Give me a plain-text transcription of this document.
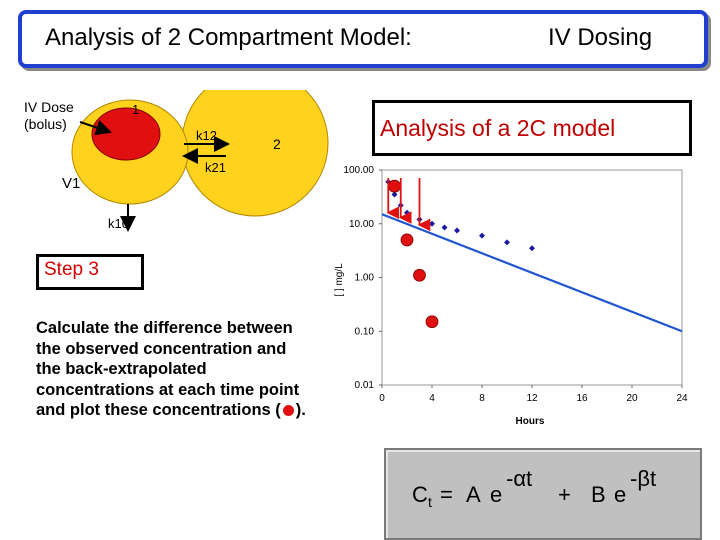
Analysis of 2 Compartment Model:	IV Dosing
IV Dose
(bolus)
1
2
k12
k21
V1
k10
Step 3
Calculate the difference between
the observed concentration and
the back-extrapolated
concentrations at each time point
and plot these concentrations ( ).
100.00
10.00
1.00
0.10
0.01
0	4	8	12	16	20	24
Hours
[ ] mg/L
Analysis of a 2C model
C t = A e
-αt
+ B e
-βt
